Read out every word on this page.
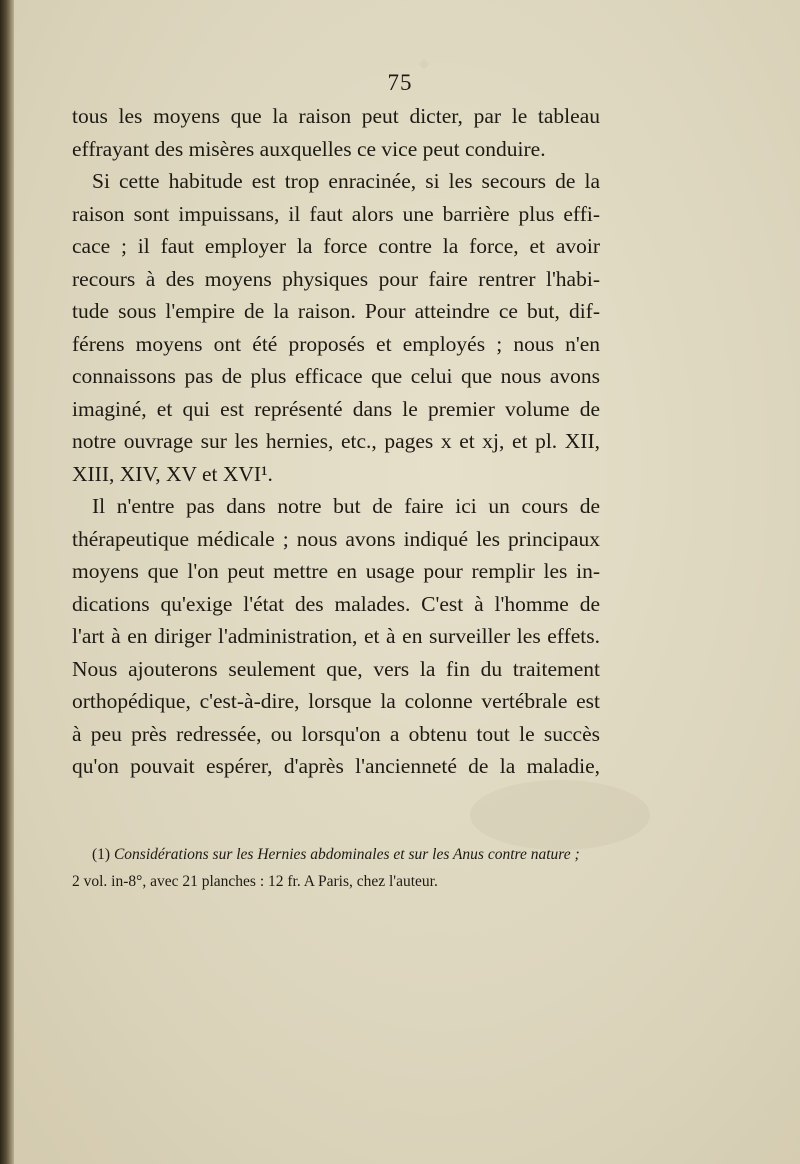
75
tous les moyens que la raison peut dicter, par le tableau
effrayant des misères auxquelles ce vice peut conduire.
Si cette habitude est trop enracinée, si les secours de la
raison sont impuissans, il faut alors une barrière plus effi-
cace ; il faut employer la force contre la force, et avoir
recours à des moyens physiques pour faire rentrer l'habi-
tude sous l'empire de la raison. Pour atteindre ce but, dif-
férens moyens ont été proposés et employés ; nous n'en
connaissons pas de plus efficace que celui que nous avons
imaginé, et qui est représenté dans le premier volume de
notre ouvrage sur les hernies, etc., pages x et xj, et pl. XII,
XIII, XIV, XV et XVI¹.
Il n'entre pas dans notre but de faire ici un cours de
thérapeutique médicale ; nous avons indiqué les principaux
moyens que l'on peut mettre en usage pour remplir les in-
dications qu'exige l'état des malades. C'est à l'homme de
l'art à en diriger l'administration, et à en surveiller les effets.
Nous ajouterons seulement que, vers la fin du traitement
orthopédique, c'est-à-dire, lorsque la colonne vertébrale est
à peu près redressée, ou lorsqu'on a obtenu tout le succès
qu'on pouvait espérer, d'après l'ancienneté de la maladie,
(1) Considérations sur les Hernies abdominales et sur les Anus contre nature ;
2 vol. in-8°, avec 21 planches : 12 fr. A Paris, chez l'auteur.
